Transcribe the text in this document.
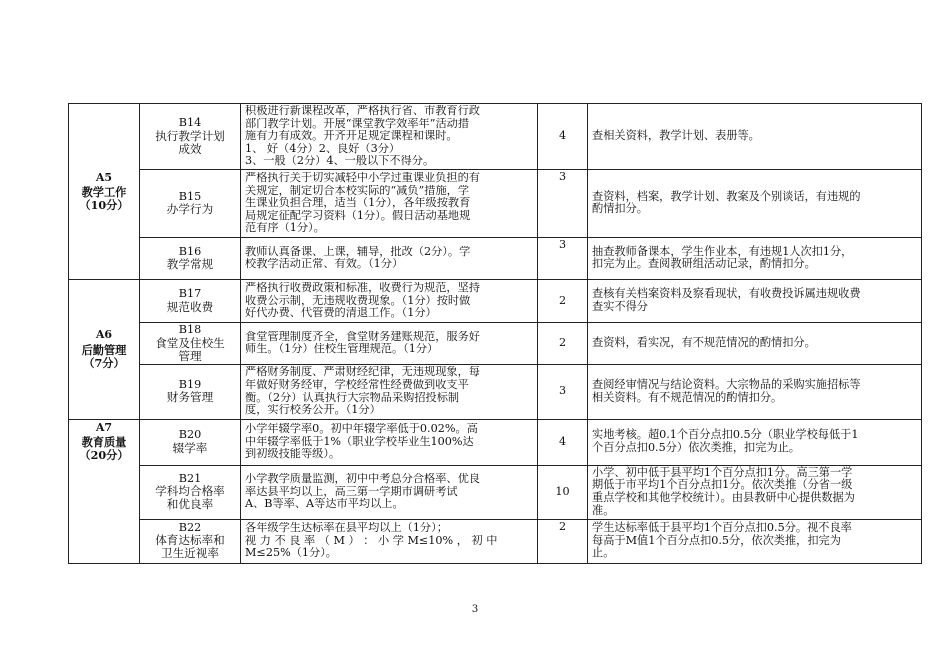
A5
教学工作
（10分）	B14
执行教学计划
成效	积极进行新课程改革，严格执行省、市教育行政
部门教学计划。开展“课堂教学效率年”活动措
施有力有成效。开齐开足规定课程和课时。
1、 好（4分）2、良好（3分）
3、一般（2分）4、一般以下不得分。	4	查相关资料，教学计划、表册等。

	B15
办学行为	严格执行关于切实减轻中小学过重课业负担的有
关规定，制定切合本校实际的“减负”措施，学
生课业负担合理，适当（1分），各年级按教育
局规定征配学习资料（1分）。假日活动基地规
范有序（1分）。	3	查资料，档案，教学计划、教案及个别谈话，有违规的
酌情扣分。

	B16
教学常规	教师认真备课、上课，辅导，批改（2分）。学
校教学活动正常、有效。（1分）	3	抽查教师备课本，学生作业本，有违规1人次扣1分，
扣完为止。查阅教研组活动记录，酌情扣分。

A6
后勤管理
（7分）	B17
规范收费	严格执行收费政策和标准，收费行为规范，坚持
收费公示制，无违规收费现象。（1分）按时做
好代办费、代管费的清退工作。（1分）	2	查核有关档案资料及察看现状，有收费投诉属违规收费
查实不得分

	B18
食堂及住校生
管理	食堂管理制度齐全，食堂财务建账规范，服务好
师生。（1分）住校生管理规范。（1分）	2	查资料，看实况，有不规范情况的酌情扣分。

	B19
财务管理	严格财务制度、严肃财经纪律，无违规现象，每
年做好财务经审，学校经常性经费做到收支平
衡。（2分）认真执行大宗物品采购招投标制
度，实行校务公开。（1分）	3	查阅经审情况与结论资料。大宗物品的采购实施招标等
相关资料。有不规范情况的酌情扣分。

A7
教育质量
（20分）	B20
辍学率	小学年辍学率0。初中年辍学率低于0.02%。高
中年辍学率低于1%（职业学校毕业生100%达
到初级技能等级）。	4	实地考核。超0.1个百分点扣0.5分（职业学校每低于1
个百分点扣0.5分）依次类推，扣完为止。

	B21
学科均合格率
和优良率	小学教学质量监测，初中中考总分合格率、优良
率达县平均以上，高三第一学期市调研考试
A、B等率、A等达市平均以上。	10	小学、初中低于县平均1个百分点扣1分。高三第一学
期低于市平均1个百分点扣1分。依次类推（分省一级
重点学校和其他学校统计）。由县教研中心提供数据为
准。

	B22
体育达标率和
卫生近视率	各年级学生达标率在县平均以上（1分）；
视 力 不 良 率 （ M ） ： 小 学 M≤10% ， 初 中
M≤25%（1分）。	2	学生达标率低于县平均1个百分点扣0.5分。视不良率
每高于M值1个百分点扣0.5分，依次类推，扣完为
止。
3
